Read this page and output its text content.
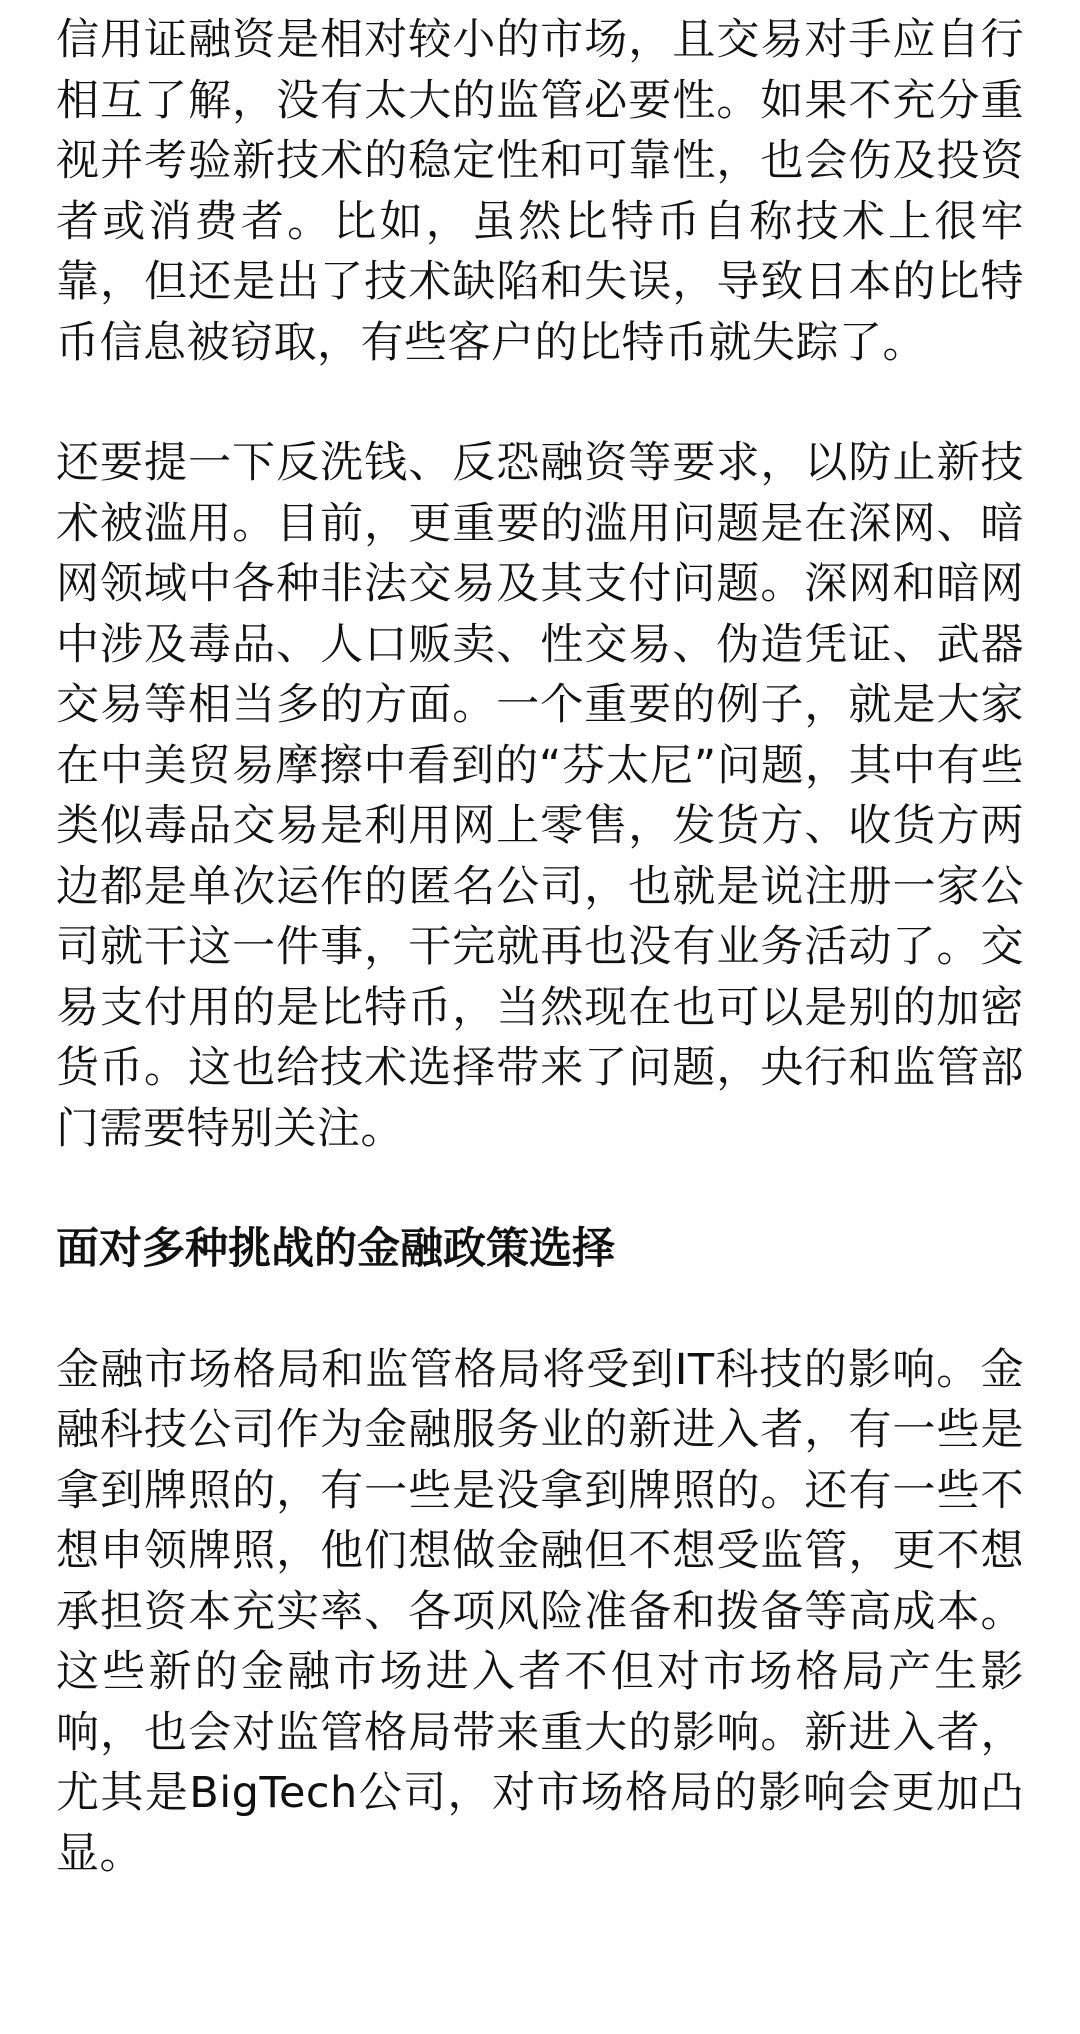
信用证融资是相对较小的市场，且交易对手应自行相互了解，没有太大的监管必要性。如果不充分重视并考验新技术的稳定性和可靠性，也会伤及投资者或消费者。比如，虽然比特币自称技术上很牢靠，但还是出了技术缺陷和失误，导致日本的比特币信息被窃取，有些客户的比特币就失踪了。

还要提一下反洗钱、反恐融资等要求，以防止新技术被滥用。目前，更重要的滥用问题是在深网、暗网领域中各种非法交易及其支付问题。深网和暗网中涉及毒品、人口贩卖、性交易、伪造凭证、武器交易等相当多的方面。一个重要的例子，就是大家在中美贸易摩擦中看到的“芬太尼”问题，其中有些类似毒品交易是利用网上零售，发货方、收货方两边都是单次运作的匿名公司，也就是说注册一家公司就干这一件事，干完就再也没有业务活动了。交易支付用的是比特币，当然现在也可以是别的加密货币。这也给技术选择带来了问题，央行和监管部门需要特别关注。

面对多种挑战的金融政策选择

金融市场格局和监管格局将受到IT科技的影响。金融科技公司作为金融服务业的新进入者，有一些是拿到牌照的，有一些是没拿到牌照的。还有一些不想申领牌照，他们想做金融但不想受监管，更不想承担资本充实率、各项风险准备和拨备等高成本。这些新的金融市场进入者不但对市场格局产生影响，也会对监管格局带来重大的影响。新进入者，尤其是BigTech公司，对市场格局的影响会更加凸显。
